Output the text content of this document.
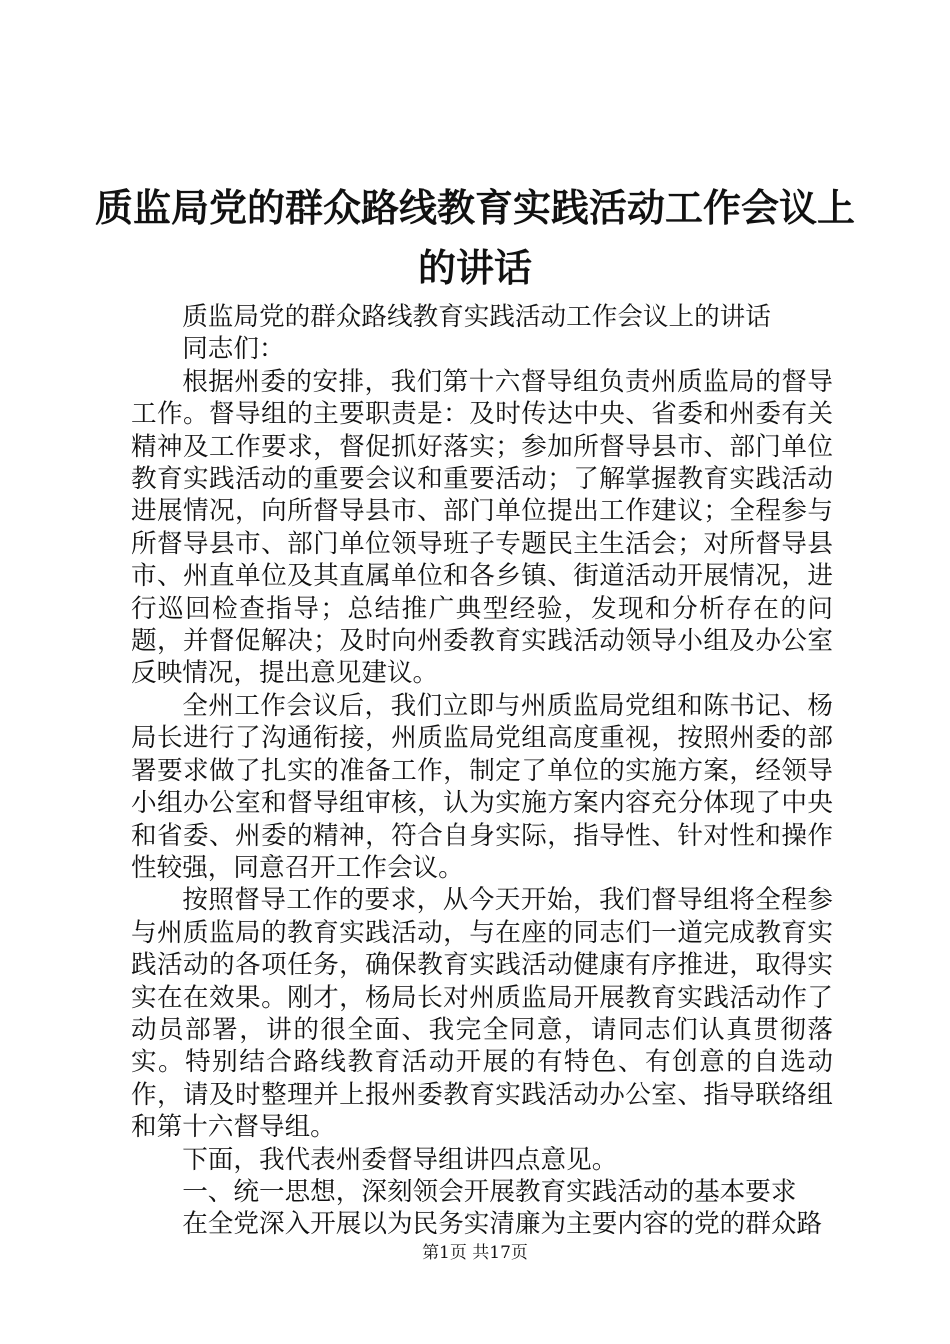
质监局党的群众路线教育实践活动工作会议上
的讲话

质监局党的群众路线教育实践活动工作会议上的讲话

同志们：

根据州委的安排，我们第十六督导组负责州质监局的督导工作。督导组的主要职责是：及时传达中央、省委和州委有关精神及工作要求，督促抓好落实；参加所督导县市、部门单位教育实践活动的重要会议和重要活动；了解掌握教育实践活动进展情况，向所督导县市、部门单位提出工作建议；全程参与所督导县市、部门单位领导班子专题民主生活会；对所督导县市、州直单位及其直属单位和各乡镇、街道活动开展情况，进行巡回检查指导；总结推广典型经验，发现和分析存在的问题，并督促解决；及时向州委教育实践活动领导小组及办公室反映情况，提出意见建议。

全州工作会议后，我们立即与州质监局党组和陈书记、杨局长进行了沟通衔接，州质监局党组高度重视，按照州委的部署要求做了扎实的准备工作，制定了单位的实施方案，经领导小组办公室和督导组审核，认为实施方案内容充分体现了中央和省委、州委的精神，符合自身实际，指导性、针对性和操作性较强，同意召开工作会议。

按照督导工作的要求，从今天开始，我们督导组将全程参与州质监局的教育实践活动，与在座的同志们一道完成教育实践活动的各项任务，确保教育实践活动健康有序推进，取得实实在在效果。刚才，杨局长对州质监局开展教育实践活动作了动员部署，讲的很全面、我完全同意，请同志们认真贯彻落实。特别结合路线教育活动开展的有特色、有创意的自选动作，请及时整理并上报州委教育实践活动办公室、指导联络组和第十六督导组。

下面，我代表州委督导组讲四点意见。

一、统一思想，深刻领会开展教育实践活动的基本要求

在全党深入开展以为民务实清廉为主要内容的党的群众路

第1页 共17页
